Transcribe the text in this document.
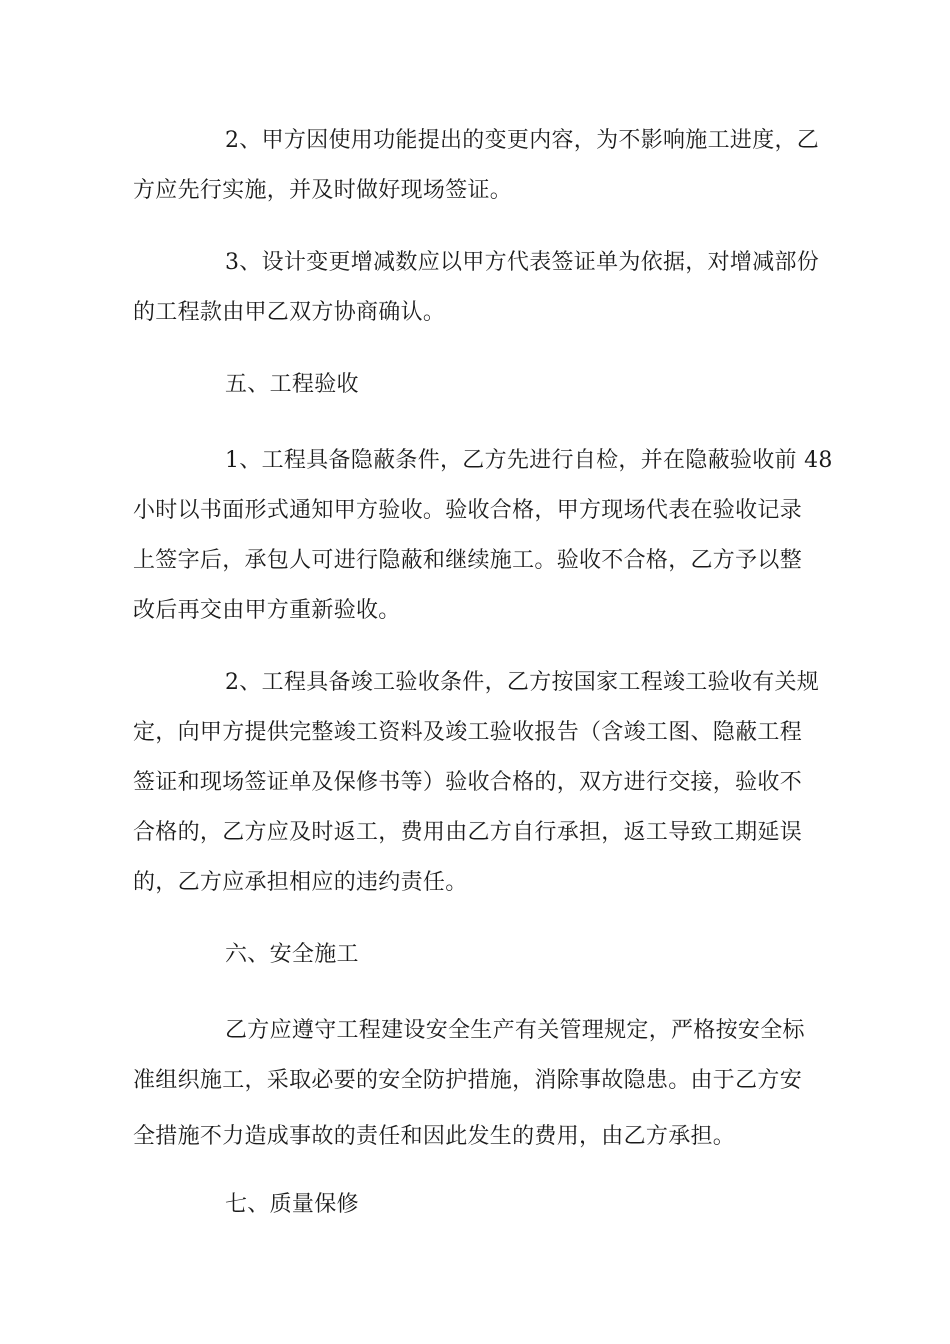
2、甲方因使用功能提出的变更内容，为不影响施工进度，乙
方应先行实施，并及时做好现场签证。
3、设计变更增减数应以甲方代表签证单为依据，对增减部份
的工程款由甲乙双方协商确认。
五、工程验收
1、工程具备隐蔽条件，乙方先进行自检，并在隐蔽验收前 48
小时以书面形式通知甲方验收。验收合格，甲方现场代表在验收记录
上签字后，承包人可进行隐蔽和继续施工。验收不合格，乙方予以整
改后再交由甲方重新验收。
2、工程具备竣工验收条件，乙方按国家工程竣工验收有关规
定，向甲方提供完整竣工资料及竣工验收报告（含竣工图、隐蔽工程
签证和现场签证单及保修书等）验收合格的，双方进行交接，验收不
合格的，乙方应及时返工，费用由乙方自行承担，返工导致工期延误
的，乙方应承担相应的违约责任。
六、安全施工
乙方应遵守工程建设安全生产有关管理规定，严格按安全标
准组织施工，采取必要的安全防护措施，消除事故隐患。由于乙方安
全措施不力造成事故的责任和因此发生的费用，由乙方承担。
七、质量保修
